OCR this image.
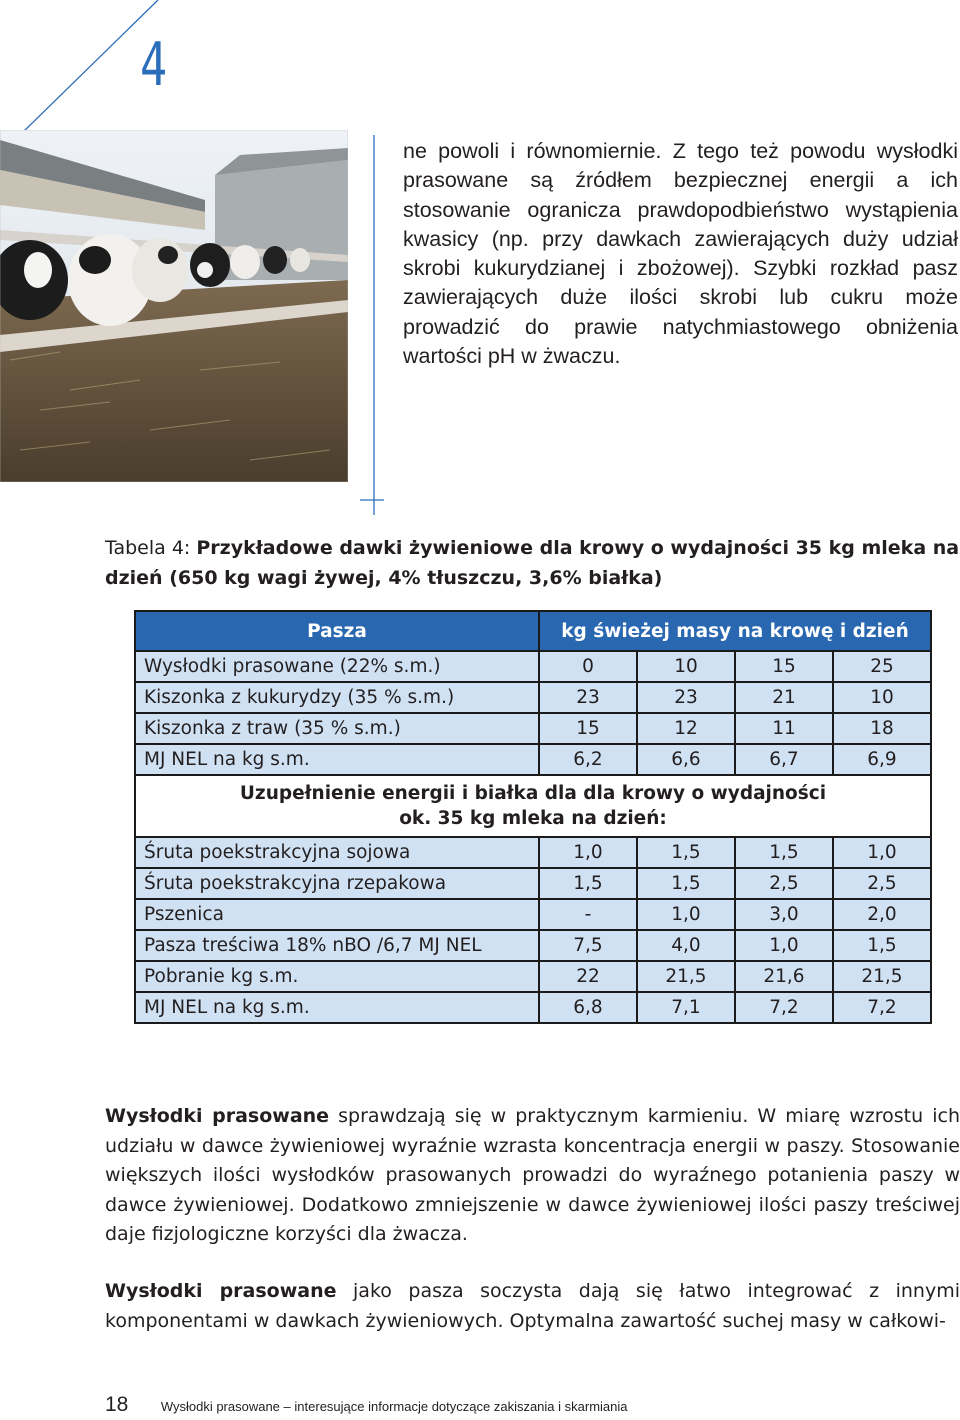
4

ne powoli i równomiernie. Z tego też powodu wysłodki prasowane są źródłem bezpiecznej energii a ich stosowanie ogranicza prawdopodbieństwo wystąpienia kwasicy (np. przy dawkach zawierających duży udział skrobi kukurydzianej i zbożowej). Szybki rozkład pasz zawierających duże ilości skrobi lub cukru może prowadzić do prawie natychmiastowego obniżenia wartości pH w żwaczu.

Tabela 4: Przykładowe dawki żywieniowe dla krowy o wydajności 35 kg mleka na dzień (650 kg wagi żywej, 4% tłuszczu, 3,6% białka)
Pasza	kg świeżej masy na krowę i dzień			
Wysłodki prasowane (22% s.m.)	0	10	15	25
Kiszonka z kukurydzy (35 % s.m.)	23	23	21	10
Kiszonka z traw (35 % s.m.)	15	12	11	18
MJ NEL na kg s.m.	6,2	6,6	6,7	6,9
Uzupełnienie energii i białka dla dla krowy o wydajności ok. 35 kg mleka na dzień:				
Śruta poekstrakcyjna sojowa	1,0	1,5	1,5	1,0
Śruta poekstrakcyjna rzepakowa	1,5	1,5	2,5	2,5
Pszenica	-	1,0	3,0	2,0
Pasza treściwa 18% nBO /6,7 MJ NEL	7,5	4,0	1,0	1,5
Pobranie kg s.m.	22	21,5	21,6	21,5
MJ NEL na kg s.m.	6,8	7,1	7,2	7,2
Wysłodki prasowane sprawdzają się w praktycznym karmieniu. W miarę wzrostu ich udziału w dawce żywieniowej wyraźnie wzrasta koncentracja energii w paszy. Stosowanie większych ilości wysłodków prasowanych prowadzi do wyraźnego potanienia paszy w dawce żywieniowej. Dodatkowo zmniejszenie w dawce żywieniowej ilości paszy treściwej daje fizjologiczne korzyści dla żwacza.
Wysłodki prasowane jako pasza soczysta dają się łatwo integrować z innymi komponentami w dawkach żywieniowych. Optymalna zawartość suchej masy w całkowi-
18 Wysłodki prasowane – interesujące informacje dotyczące zakiszania i skarmiania
